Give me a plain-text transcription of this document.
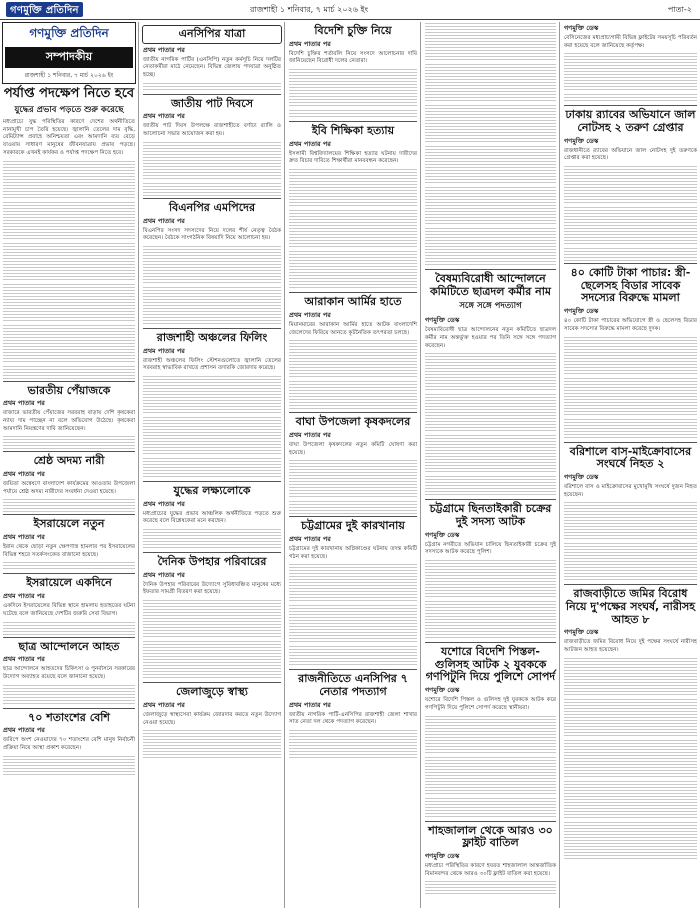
গণমুক্তি প্রতিদিন	রাজশাহী ১ শনিবার, ৭ মার্চ ২০২৬ ইং	পাতা-২
গণমুক্তি প্রতিদিন
সম্পাদকীয়
রাজশাহী ১ শনিবার, ৭ মার্চ ২০২৬ ইং
পর্যাপ্ত পদক্ষেপ নিতে হবে
যুদ্ধের প্রভাব পড়তে শুরু করেছে

মধ্যপ্রাচ্যে যুদ্ধ পরিস্থিতির কারণে দেশের অর্থনীতিতে নানামুখী চাপ তৈরি হয়েছে। জ্বালানি তেলের দাম বৃদ্ধি, রেমিট্যান্স প্রবাহে অনিশ্চয়তা এবং আমদানি ব্যয় বেড়ে যাওয়ায় সাধারণ মানুষের জীবনযাত্রায় প্রভাব পড়ছে। সরকারকে এখনই কার্যকর ও পর্যাপ্ত পদক্ষেপ নিতে হবে।

ভারতীয় পেঁয়াজকে
প্রথম পাতার পর

বাজারে ভারতীয় পেঁয়াজের সরবরাহ বাড়ায় দেশি কৃষকেরা ন্যায্য দাম পাচ্ছেন না বলে অভিযোগ উঠেছে। কৃষকেরা আমদানি নিয়ন্ত্রণের দাবি জানিয়েছেন।

শ্রেষ্ঠ অদম্য নারী
প্রথম পাতার পর

জয়িতা অন্বেষণে বাংলাদেশ কার্যক্রমের আওতায় উপজেলা পর্যায়ে শ্রেষ্ঠ অদম্য নারীদের সংবর্ধনা দেওয়া হয়েছে।

ইসরায়েলে নতুন
প্রথম পাতার পর

ইরান থেকে ছোড়া নতুন ক্ষেপণাস্ত্র হামলার পর ইসরায়েলের বিভিন্ন শহরে সতর্কসংকেত বাজানো হয়েছে।

ইসরায়েলে একদিনে
প্রথম পাতার পর

একদিনে ইসরায়েলের বিভিন্ন স্থানে হামলায় হতাহতের ঘটনা ঘটেছে বলে জানিয়েছে দেশটির জরুরি সেবা বিভাগ।

ছাত্র আন্দোলনে আহত
প্রথম পাতার পর

ছাত্র আন্দোলনে আহতদের চিকিৎসা ও পুনর্বাসনে সরকারের উদ্যোগ অব্যাহত রয়েছে বলে জানানো হয়েছে।

৭০ শতাংশের বেশি
প্রথম পাতার পর

জরিপে অংশ নেওয়াদের ৭০ শতাংশের বেশি মানুষ নির্বাচনী প্রক্রিয়া নিয়ে আস্থা প্রকাশ করেছেন।

এনসিপির যাত্রা
প্রথম পাতার পর

জাতীয় নাগরিক পার্টির (এনসিপি) নতুন কর্মসূচি নিয়ে দলটির নেতাকর্মীরা মাঠে নেমেছেন। বিভিন্ন জেলায় পদযাত্রা অনুষ্ঠিত হচ্ছে।

জাতীয় পাট দিবসে
প্রথম পাতার পর

জাতীয় পাট দিবস উপলক্ষে রাজশাহীতে বর্ণাঢ্য র‍্যালি ও আলোচনা সভার আয়োজন করা হয়।

বিএনপির এমপিদের
প্রথম পাতার পর

বিএনপির সংসদ সদস্যদের নিয়ে দলের শীর্ষ নেতৃত্ব বৈঠক করেছেন। বৈঠকে সাংগঠনিক বিষয়াদি নিয়ে আলোচনা হয়।

রাজশাহী অঞ্চলের ফিলিং
প্রথম পাতার পর

রাজশাহী অঞ্চলের ফিলিং স্টেশনগুলোতে জ্বালানি তেলের সরবরাহ স্বাভাবিক রাখতে প্রশাসন তদারকি জোরদার করেছে।

যুদ্ধের লক্ষ্যলোকে
প্রথম পাতার পর

মধ্যপ্রাচ্যের যুদ্ধের প্রভাব আঞ্চলিক অর্থনীতিতে পড়তে শুরু করেছে বলে বিশ্লেষকেরা মনে করছেন।

দৈনিক উপহার পরিবারের
প্রথম পাতার পর

দৈনিক উপহার পরিবারের উদ্যোগে সুবিধাবঞ্চিত মানুষের মধ্যে ইফতার সামগ্রী বিতরণ করা হয়েছে।

জেলাজুড়ে স্বাস্থ্য
প্রথম পাতার পর

জেলাজুড়ে স্বাস্থ্যসেবা কার্যক্রম জোরদার করতে নতুন উদ্যোগ নেওয়া হয়েছে।

বিদেশি চুক্তি নিয়ে
প্রথম পাতার পর

বিদেশি চুক্তির শর্তাবলি নিয়ে সংসদে আলোচনার দাবি জানিয়েছেন বিরোধী দলের নেতারা।

ইবি শিক্ষিকা হত্যায়
প্রথম পাতার পর

ইসলামী বিশ্ববিদ্যালয়ের শিক্ষিকা হত্যার ঘটনায় দায়ীদের দ্রুত বিচার দাবিতে শিক্ষার্থীরা মানববন্ধন করেছেন।

আরাকান আর্মির হাতে
প্রথম পাতার পর

মিয়ানমারের আরাকান আর্মির হাতে আটক বাংলাদেশি জেলেদের ফিরিয়ে আনতে কূটনৈতিক তৎপরতা চলছে।

বাঘা উপজেলা কৃষকদলের
প্রথম পাতার পর

বাঘা উপজেলা কৃষকদলের নতুন কমিটি ঘোষণা করা হয়েছে।

চট্টগ্রামের দুই কারখানায়
প্রথম পাতার পর

চট্টগ্রামের দুই কারখানায় অগ্নিকাণ্ডের ঘটনায় তদন্ত কমিটি গঠন করা হয়েছে।

রাজনীতিতে এনসিপির ৭ নেতার পদত্যাগ
প্রথম পাতার পর

জাতীয় নাগরিক পার্টি-এনসিপির রাজশাহী জেলা শাখার সাত নেতা দল থেকে পদত্যাগ করেছেন।

বৈষম্যবিরোধী আন্দোলনে কমিটিতে ছাত্রদল কর্মীর নাম
সঙ্গে সঙ্গে পদত্যাগ
গণমুক্তি ডেস্ক

বৈষম্যবিরোধী ছাত্র আন্দোলনের নতুন কমিটিতে ছাত্রদল কর্মীর নাম অন্তর্ভুক্ত হওয়ার পর তিনি সঙ্গে সঙ্গে পদত্যাগ করেছেন।

চট্টগ্রামে ছিনতাইকারী চক্রের দুই সদস্য আটক
গণমুক্তি ডেস্ক

চট্টগ্রাম নগরীতে অভিযান চালিয়ে ছিনতাইকারী চক্রের দুই সদস্যকে আটক করেছে পুলিশ।

যশোরে বিদেশি পিস্তল-গুলিসহ আটক ২ যুবককে গণপিটুনি দিয়ে পুলিশে সোপর্দ
গণমুক্তি ডেস্ক

যশোরে বিদেশি পিস্তল ও গুলিসহ দুই যুবককে আটক করে গণপিটুনি দিয়ে পুলিশে সোপর্দ করেছে স্থানীয়রা।

শাহজালাল থেকে আরও ৩০ ফ্লাইট বাতিল
গণমুক্তি ডেস্ক

মধ্যপ্রাচ্য পরিস্থিতির কারণে হযরত শাহজালাল আন্তর্জাতিক বিমানবন্দর থেকে আরও ৩০টি ফ্লাইট বাতিল করা হয়েছে।

গণমুক্তি ডেস্ক

বেসিনেজের মধ্যপ্রাচ্যগামী বিভিন্ন ফ্লাইটের সময়সূচি পরিবর্তন করা হয়েছে বলে জানিয়েছে কর্তৃপক্ষ।

ঢাকায় র‍্যাবের অভিযানে জাল নোটসহ ২ তরুণ গ্রেপ্তার
গণমুক্তি ডেস্ক

রাজধানীতে র‍্যাবের অভিযানে জাল নোটসহ দুই তরুণকে গ্রেপ্তার করা হয়েছে।

৪০ কোটি টাকা পাচার: স্ত্রী-ছেলেসহ বিডার সাবেক সদস্যের বিরুদ্ধে মামলা
গণমুক্তি ডেস্ক

৪০ কোটি টাকা পাচারের অভিযোগে স্ত্রী ও ছেলেসহ বিডার সাবেক সদস্যের বিরুদ্ধে মামলা করেছে দুদক।

বরিশালে বাস-মাইক্রোবাসের সংঘর্ষে নিহত ২
গণমুক্তি ডেস্ক

বরিশালে বাস ও মাইক্রোবাসের মুখোমুখি সংঘর্ষে দুজন নিহত হয়েছেন।

রাজবাড়ীতে জমির বিরোধ নিয়ে দু'পক্ষের সংঘর্ষ, নারীসহ আহত ৮
গণমুক্তি ডেস্ক

রাজবাড়ীতে জমির বিরোধ নিয়ে দুই পক্ষের সংঘর্ষে নারীসহ আটজন আহত হয়েছেন।
